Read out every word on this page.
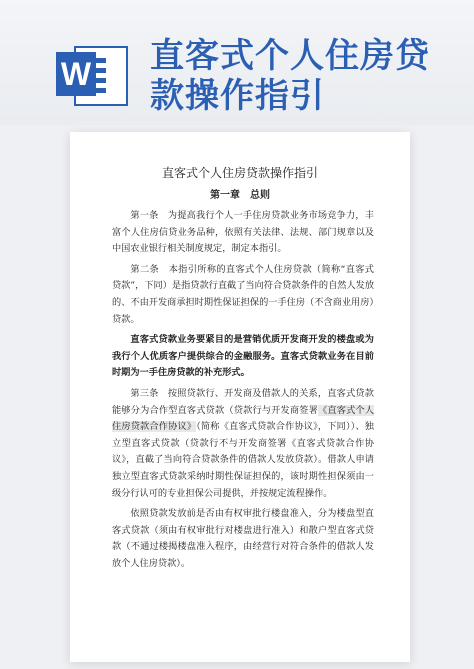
W 直客式个人住房贷
款操作指引
直客式个人住房贷款操作指引
第一章　总则

第一条　为提高我行个人一手住房贷款业务市场竞争力，丰富个人住房信贷业务品种，依照有关法律、法规、部门规章以及中国农业银行相关制度规定，制定本指引。

第二条　本指引所称的直客式个人住房贷款（简称“直客式贷款”，下同）是指贷款行直截了当向符合贷款条件的自然人发放的、不由开发商承担时期性保证担保的一手住房（不含商业用房）贷款。

直客式贷款业务要紧目的是营销优质开发商开发的楼盘或为我行个人优质客户提供综合的金融服务。直客式贷款业务在目前时期为一手住房贷款的补充形式。

第三条　按照贷款行、开发商及借款人的关系，直客式贷款能够分为合作型直客式贷款（贷款行与开发商签署《直客式个人住房贷款合作协议》（简称《直客式贷款合作协议》，下同））、独立型直客式贷款（贷款行不与开发商签署《直客式贷款合作协议》，直截了当向符合贷款条件的借款人发放贷款）。借款人申请独立型直客式贷款采纳时期性保证担保的，该时期性担保须由一级分行认可的专业担保公司提供，并按规定流程操作。

依照贷款发放前是否由有权审批行楼盘准入，分为楼盘型直客式贷款（须由有权审批行对楼盘进行准入）和散户型直客式贷款（不通过楼揭楼盘准入程序，由经营行对符合条件的借款人发放个人住房贷款）。
